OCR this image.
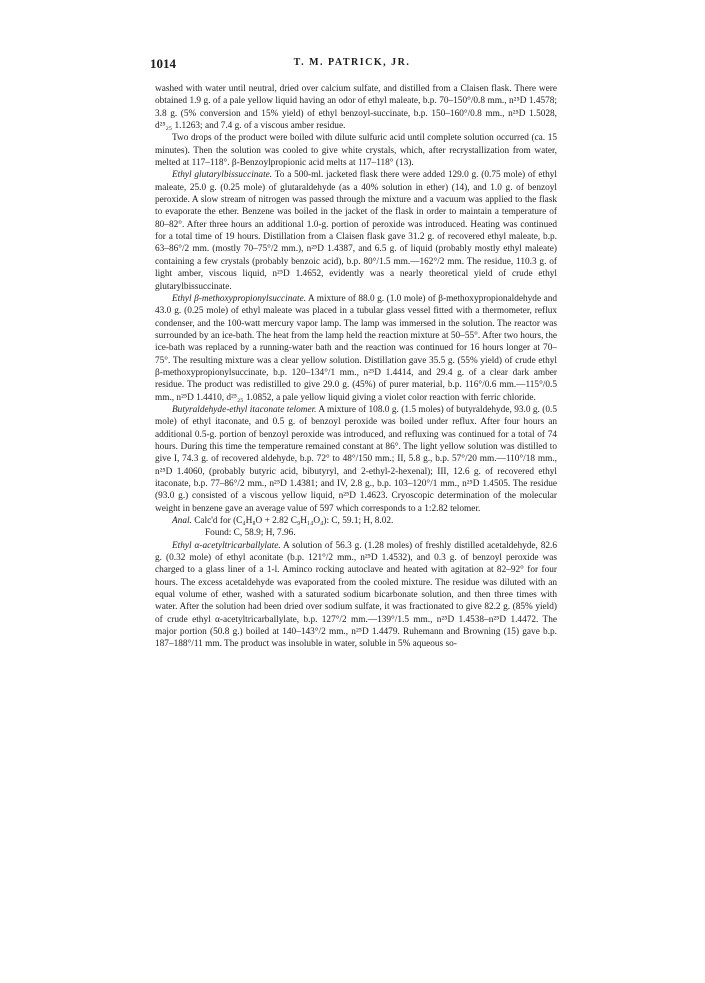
1014	T. M. PATRICK, JR.

washed with water until neutral, dried over calcium sulfate, and distilled from a Claisen flask. There were obtained 1.9 g. of a pale yellow liquid having an odor of ethyl maleate, b.p. 70–150°/0.8 mm., n²⁵D 1.4578; 3.8 g. (5% conversion and 15% yield) of ethyl benzoyl-succinate, b.p. 150–160°/0.8 mm., n²⁵D 1.5028, d²⁵₂₅ 1.1263; and 7.4 g. of a viscous amber residue.

Two drops of the product were boiled with dilute sulfuric acid until complete solution occurred (ca. 15 minutes). Then the solution was cooled to give white crystals, which, after recrystallization from water, melted at 117–118°. β-Benzoylpropionic acid melts at 117–118° (13).

Ethyl glutarylbissuccinate. To a 500-ml. jacketed flask there were added 129.0 g. (0.75 mole) of ethyl maleate, 25.0 g. (0.25 mole) of glutaraldehyde (as a 40% solution in ether) (14), and 1.0 g. of benzoyl peroxide. A slow stream of nitrogen was passed through the mixture and a vacuum was applied to the flask to evaporate the ether. Benzene was boiled in the jacket of the flask in order to maintain a temperature of 80–82°. After three hours an additional 1.0-g. portion of peroxide was introduced. Heating was continued for a total time of 19 hours. Distillation from a Claisen flask gave 31.2 g. of recovered ethyl maleate, b.p. 63–86°/2 mm. (mostly 70–75°/2 mm.), n²⁵D 1.4387, and 6.5 g. of liquid (probably mostly ethyl maleate) containing a few crystals (probably benzoic acid), b.p. 80°/1.5 mm.—162°/2 mm. The residue, 110.3 g. of light amber, viscous liquid, n²⁵D 1.4652, evidently was a nearly theoretical yield of crude ethyl glutarylbissuccinate.

Ethyl β-methoxypropionylsuccinate. A mixture of 88.0 g. (1.0 mole) of β-methoxypropionaldehyde and 43.0 g. (0.25 mole) of ethyl maleate was placed in a tubular glass vessel fitted with a thermometer, reflux condenser, and the 100-watt mercury vapor lamp. The lamp was immersed in the solution. The reactor was surrounded by an ice-bath. The heat from the lamp held the reaction mixture at 50–55°. After two hours, the ice-bath was replaced by a running-water bath and the reaction was continued for 16 hours longer at 70–75°. The resulting mixture was a clear yellow solution. Distillation gave 35.5 g. (55% yield) of crude ethyl β-methoxypropionylsuccinate, b.p. 120–134°/1 mm., n²⁵D 1.4414, and 29.4 g. of a clear dark amber residue. The product was redistilled to give 29.0 g. (45%) of purer material, b.p. 116°/0.6 mm.—115°/0.5 mm., n²⁵D 1.4410, d²⁵₂₅ 1.0852, a pale yellow liquid giving a violet color reaction with ferric chloride.

Butyraldehyde-ethyl itaconate telomer. A mixture of 108.0 g. (1.5 moles) of butyraldehyde, 93.0 g. (0.5 mole) of ethyl itaconate, and 0.5 g. of benzoyl peroxide was boiled under reflux. After four hours an additional 0.5-g. portion of benzoyl peroxide was introduced, and refluxing was continued for a total of 74 hours. During this time the temperature remained constant at 86°. The light yellow solution was distilled to give I, 74.3 g. of recovered aldehyde, b.p. 72° to 48°/150 mm.; II, 5.8 g., b.p. 57°/20 mm.—110°/18 mm., n²⁵D 1.4060, (probably butyric acid, bibutyryl, and 2-ethyl-2-hexenal); III, 12.6 g. of recovered ethyl itaconate, b.p. 77–86°/2 mm., n²⁵D 1.4381; and IV, 2.8 g., b.p. 103–120°/1 mm., n²⁵D 1.4505. The residue (93.0 g.) consisted of a viscous yellow liquid, n²⁵D 1.4623. Cryoscopic determination of the molecular weight in benzene gave an average value of 597 which corresponds to a 1:2.82 telomer.

Anal. Calc'd for (C₄H₈O + 2.82 C₉H₁₄O₄): C, 59.1; H, 8.02.

Found: C, 58.9; H, 7.96.

Ethyl α-acetyltricarballylate. A solution of 56.3 g. (1.28 moles) of freshly distilled acetaldehyde, 82.6 g. (0.32 mole) of ethyl aconitate (b.p. 121°/2 mm., n²⁵D 1.4532), and 0.3 g. of benzoyl peroxide was charged to a glass liner of a 1-l. Aminco rocking autoclave and heated with agitation at 82–92° for four hours. The excess acetaldehyde was evaporated from the cooled mixture. The residue was diluted with an equal volume of ether, washed with a saturated sodium bicarbonate solution, and then three times with water. After the solution had been dried over sodium sulfate, it was fractionated to give 82.2 g. (85% yield) of crude ethyl α-acetyltricarballylate, b.p. 127°/2 mm.—139°/1.5 mm., n²⁵D 1.4538–n²⁵D 1.4472. The major portion (50.8 g.) boiled at 140–143°/2 mm., n²⁵D 1.4479. Ruhemann and Browning (15) gave b.p. 187–188°/11 mm. The product was insoluble in water, soluble in 5% aqueous so-
